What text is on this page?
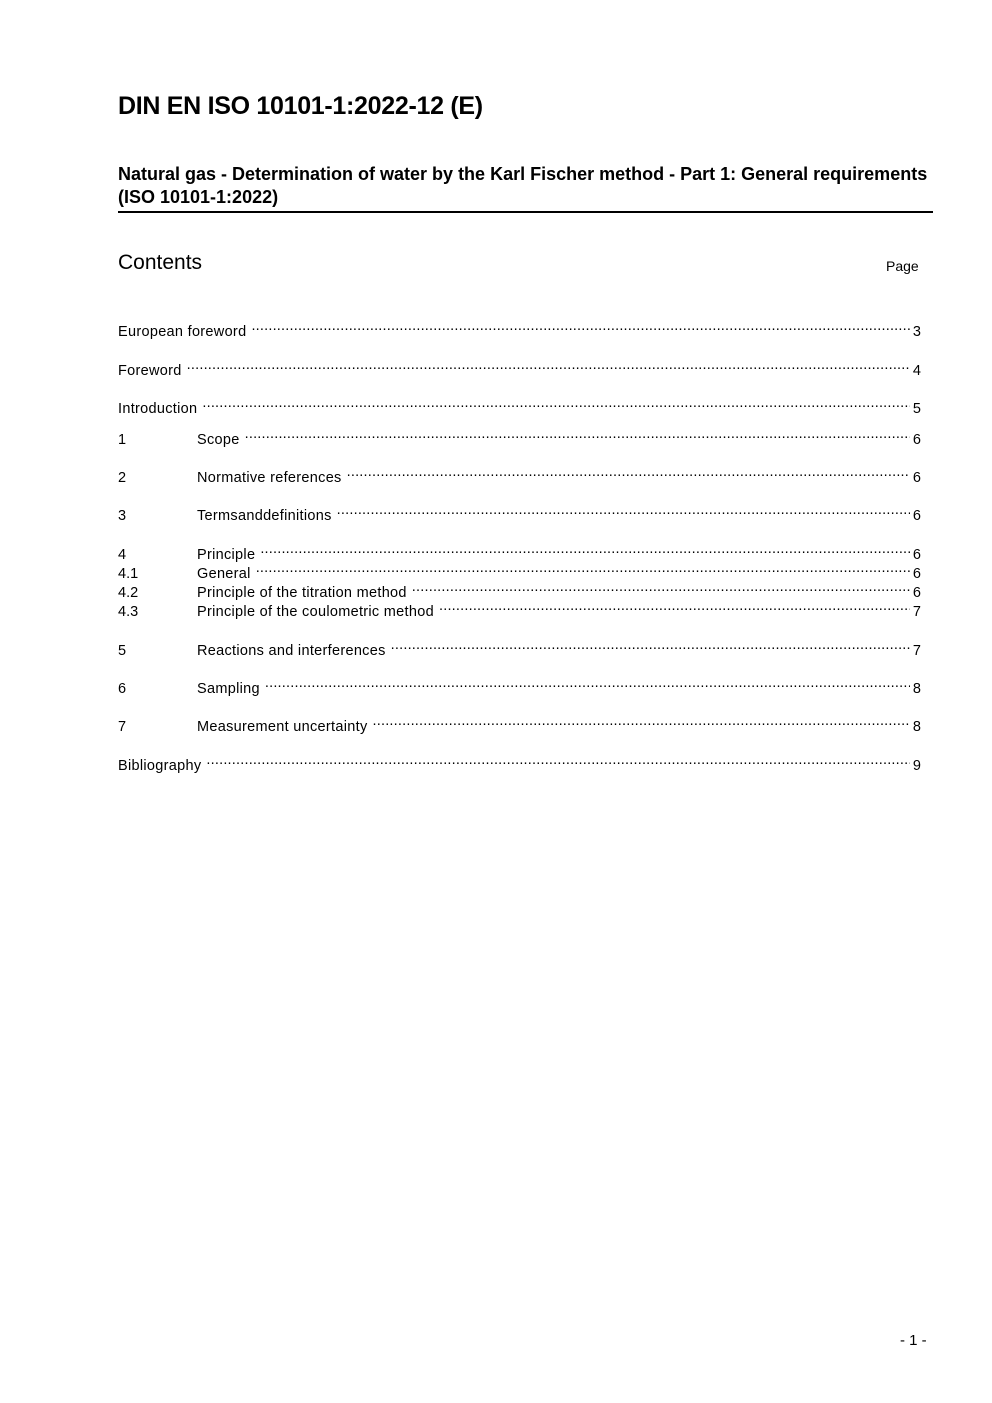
DIN EN ISO 10101-1:2022-12 (E)
Natural gas - Determination of water by the Karl Fischer method - Part 1: General requirements (ISO 10101-1:2022)
Contents	Page
European foreword .....	3
Foreword .....	4
Introduction .....	5
1	Scope .....	6
2	Normative references .....	6
3	Termsanddefinitions .....	6
4	Principle .....	6
4.1	General .....	6
4.2	Principle of the titration method .....	6
4.3	Principle of the coulometric method .....	7
5	Reactions and interferences .....	7
6	Sampling .....	8
7	Measurement uncertainty .....	8
Bibliography .....	9
- 1 -
